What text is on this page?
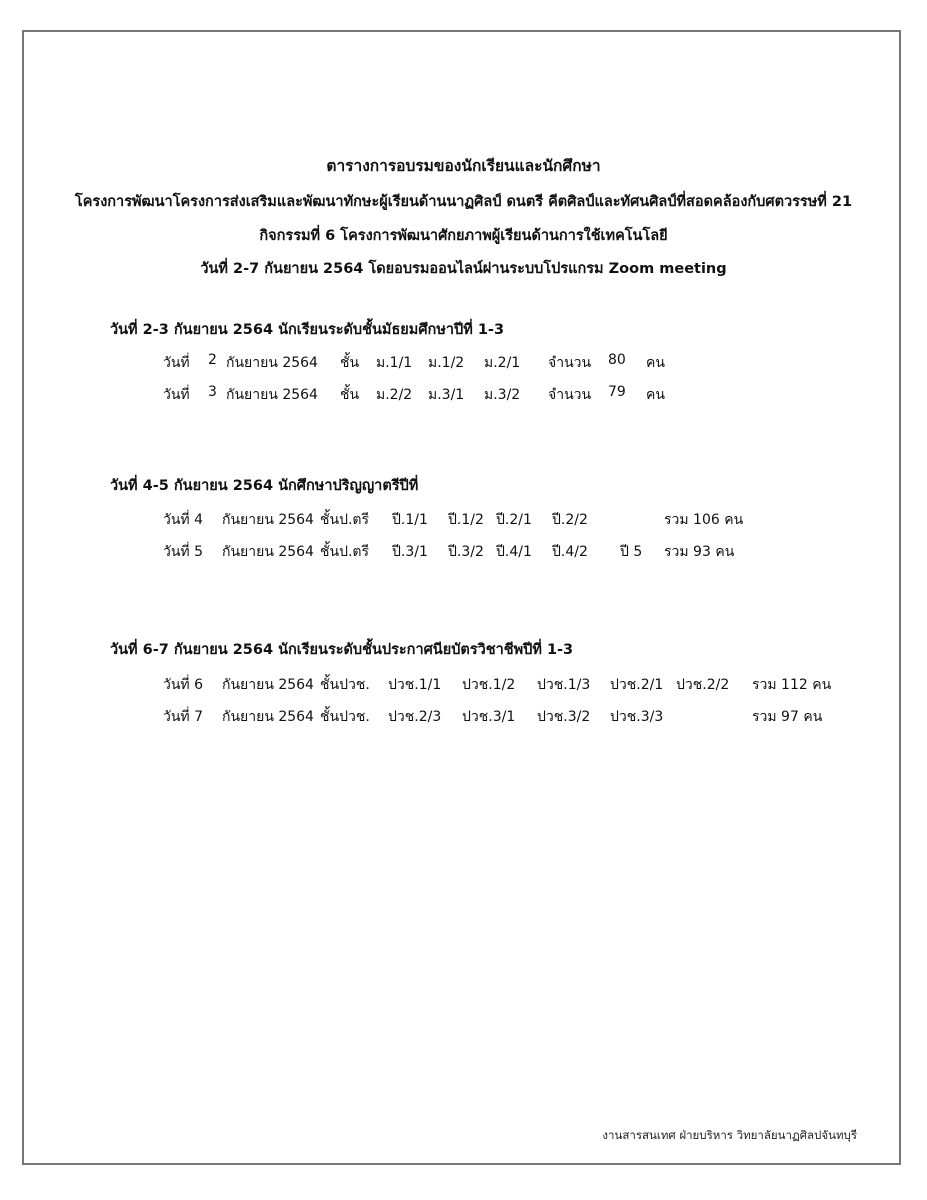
ตารางการอบรมของนักเรียนและนักศึกษา
โครงการพัฒนาโครงการส่งเสริมและพัฒนาทักษะผู้เรียนด้านนาฏศิลป์ ดนตรี คีตศิลป์และทัศนศิลป์ที่สอดคล้องกับศตวรรษที่ 21
กิจกรรมที่ 6 โครงการพัฒนาศักยภาพผู้เรียนด้านการใช้เทคโนโลยี
วันที่ 2-7 กันยายน 2564 โดยอบรมออนไลน์ผ่านระบบโปรแกรม Zoom meeting
วันที่ 2-3 กันยายน 2564 นักเรียนระดับชั้นมัธยมศึกษาปีที่ 1-3
วันที่ 2 กันยายน 2564 ชั้น ม.1/1 ม.1/2 ม.2/1 จำนวน 80 คน
วันที่ 3 กันยายน 2564 ชั้น ม.2/2 ม.3/1 ม.3/2 จำนวน 79 คน
วันที่ 4-5 กันยายน 2564 นักศึกษาปริญญาตรีปีที่
วันที่ 4 กันยายน 2564 ชั้นป.ตรี ปี.1/1 ปี.1/2 ปี.2/1 ปี.2/2	รวม 106 คน
วันที่ 5 กันยายน 2564 ชั้นป.ตรี ปี.3/1 ปี.3/2 ปี.4/1 ปี.4/2 ปี 5 รวม 93 คน
วันที่ 6-7 กันยายน 2564 นักเรียนระดับชั้นประกาศนียบัตรวิชาชีพปีที่ 1-3
วันที่ 6 กันยายน 2564 ชั้นปวช. ปวช.1/1 ปวช.1/2 ปวช.1/3 ปวช.2/1 ปวช.2/2 รวม 112 คน
วันที่ 7 กันยายน 2564 ชั้นปวช. ปวช.2/3 ปวช.3/1 ปวช.3/2 ปวช.3/3	รวม 97 คน
งานสารสนเทศ ฝ่ายบริหาร วิทยาลัยนาฏศิลปจันทบุรี
